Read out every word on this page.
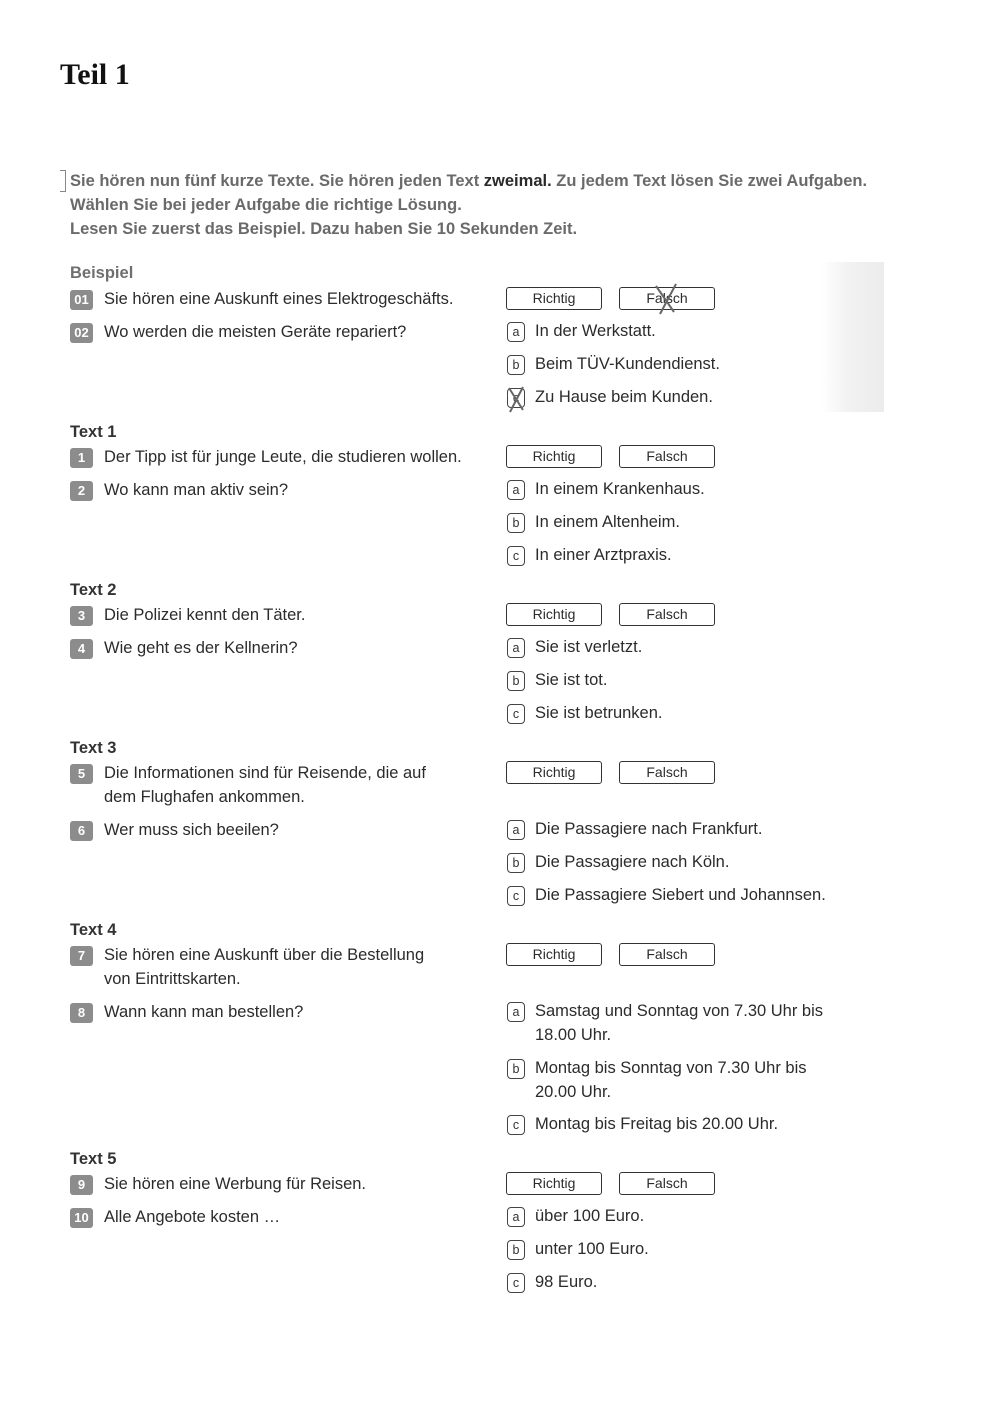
Teil 1
Sie hören nun fünf kurze Texte. Sie hören jeden Text zweimal. Zu jedem Text lösen Sie zwei Aufgaben. Wählen Sie bei jeder Aufgabe die richtige Lösung.
Lesen Sie zuerst das Beispiel. Dazu haben Sie 10 Sekunden Zeit.
Beispiel
01 Sie hören eine Auskunft eines Elektrogeschäfts.	Richtig	Falsch
02 Wo werden die meisten Geräte repariert?	a In der Werkstatt.
b Beim TÜV-Kundendienst.
c Zu Hause beim Kunden.
Text 1
1	Der Tipp ist für junge Leute, die studieren wollen.	Richtig	Falsch
2	Wo kann man aktiv sein?	a In einem Krankenhaus.
b In einem Altenheim.
c In einer Arztpraxis.
Text 2
3	Die Polizei kennt den Täter.	Richtig	Falsch
4	Wie geht es der Kellnerin?	a Sie ist verletzt.
b Sie ist tot.
c Sie ist betrunken.
Text 3
5	Die Informationen sind für Reisende, die auf
dem Flughafen ankommen.
Richtig	Falsch
6	Wer muss sich beeilen?	a Die Passagiere nach Frankfurt.
b Die Passagiere nach Köln.
c Die Passagiere Siebert und Johannsen.
Text 4
7	Sie hören eine Auskunft über die Bestellung
von Eintrittskarten.
Richtig	Falsch
8	Wann kann man bestellen?	a Samstag und Sonntag von 7.30 Uhr bis
18.00 Uhr.
b Montag bis Sonntag von 7.30 Uhr bis
20.00 Uhr.
c Montag bis Freitag bis 20.00 Uhr.
Text 5
9	Sie hören eine Werbung für Reisen.	Richtig	Falsch
10 Alle Angebote kosten …	a über 100 Euro.
b unter 100 Euro.
c 98 Euro.
